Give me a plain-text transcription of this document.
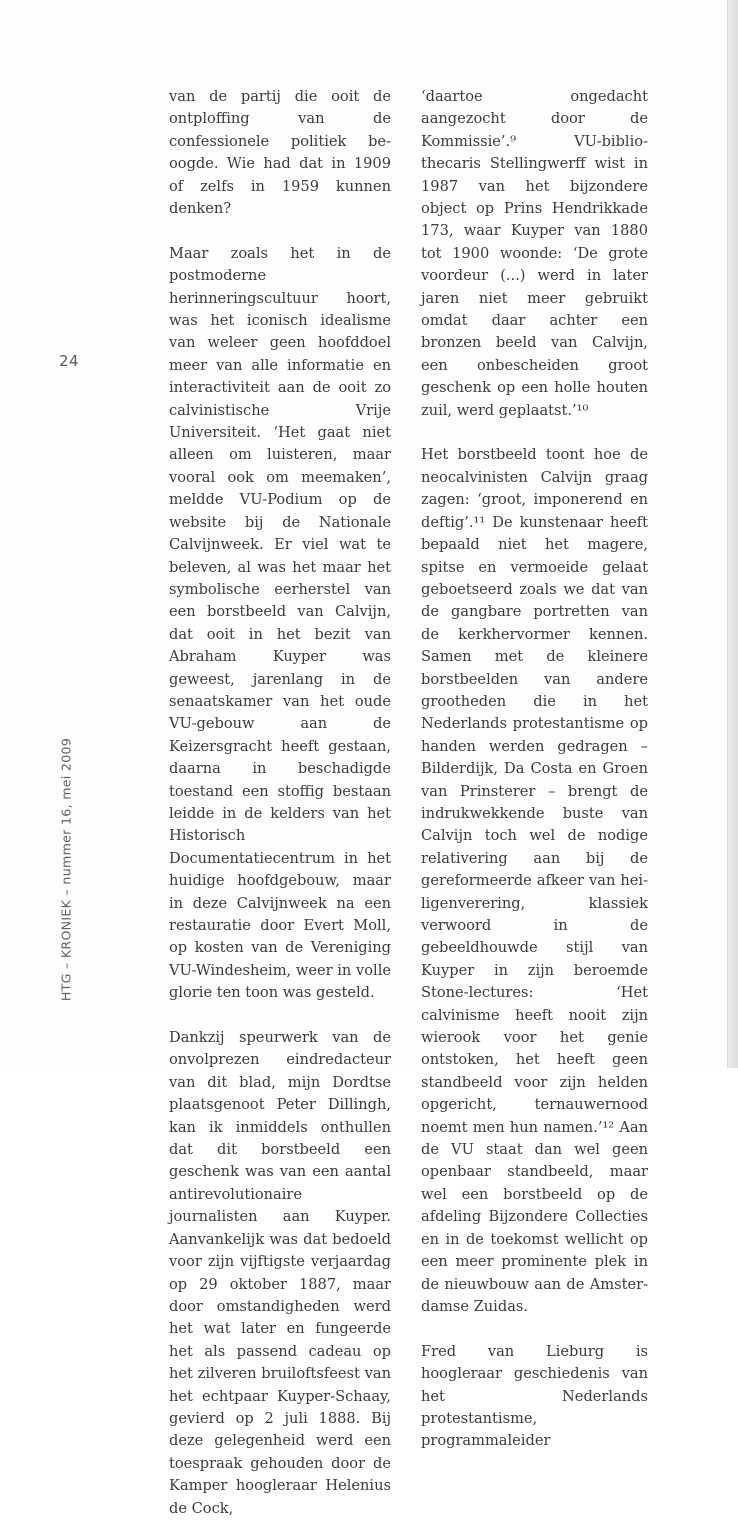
24
HTG – KRONIEK – nummer 16, mei 2009

van de partij die ooit de ontploffing van de confessionele politiek beoogde. Wie had dat in 1909 of zelfs in 1959 kunnen denken?

Maar zoals het in de postmoderne herinneringscultuur hoort, was het iconisch idealisme van weleer geen hoofddoel meer van alle informatie en interactiviteit aan de ooit zo calvinistische Vrije Universiteit. ‘Het gaat niet alleen om luisteren, maar vooral ook om meemaken’, meldde VU-Podium op de website bij de Nationale Calvijnweek. Er viel wat te beleven, al was het maar het symbolische eerherstel van een borstbeeld van Calvijn, dat ooit in het bezit van Abraham Kuyper was geweest, jarenlang in de senaatskamer van het oude VU-gebouw aan de Keizersgracht heeft gestaan, daarna in beschadigde toestand een stoffig bestaan leidde in de kelders van het Historisch Documentatiecentrum in het huidige hoofdgebouw, maar in deze Calvijnweek na een restauratie door Evert Moll, op kosten van de Vereniging VU-Windesheim, weer in volle glorie ten toon was gesteld.

Dankzij speurwerk van de onvolprezen eindredacteur van dit blad, mijn Dordtse plaatsgenoot Peter Dillingh, kan ik inmiddels onthullen dat dit borstbeeld een geschenk was van een aantal antirevolutionaire journalisten aan Kuyper. Aanvankelijk was dat bedoeld voor zijn vijftigste verjaardag op 29 oktober 1887, maar door omstandigheden werd het wat later en fungeerde het als passend cadeau op het zilveren bruiloftsfeest van het echtpaar Kuyper-Schaay, gevierd op 2 juli 1888. Bij deze gelegenheid werd een toespraak gehouden door de Kamper hoogleraar Helenius de Cock,

‘daartoe ongedacht aangezocht door de Kommissie’.⁹ VU-bibliothecaris Stellingwerff wist in 1987 van het bijzondere object op Prins Hendrikkade 173, waar Kuyper van 1880 tot 1900 woonde: ‘De grote voordeur (...) werd in later jaren niet meer gebruikt omdat daar achter een bronzen beeld van Calvijn, een onbescheiden groot geschenk op een holle houten zuil, werd geplaatst.’¹⁰

Het borstbeeld toont hoe de neocalvinisten Calvijn graag zagen: ‘groot, imponerend en deftig’.¹¹ De kunstenaar heeft bepaald niet het magere, spitse en vermoeide gelaat geboetseerd zoals we dat van de gangbare portretten van de kerkhervormer kennen. Samen met de kleinere borstbeelden van andere grootheden die in het Nederlands protestantisme op handen werden gedragen – Bilderdijk, Da Costa en Groen van Prinsterer – brengt de indrukwekkende buste van Calvijn toch wel de nodige relativering aan bij de gereformeerde afkeer van heiligenverering, klassiek verwoord in de gebeeldhouwde stijl van Kuyper in zijn beroemde Stone-lectures: ‘Het calvinisme heeft nooit zijn wierook voor het genie ontstoken, het heeft geen standbeeld voor zijn helden opgericht, ternauwernood noemt men hun namen.’¹² Aan de VU staat dan wel geen openbaar standbeeld, maar wel een borstbeeld op de afdeling Bijzondere Collecties en in de toekomst wellicht op een meer prominente plek in de nieuwbouw aan de Amsterdamse Zuidas.

Fred van Lieburg is hoogleraar geschiedenis van het Nederlands protestantisme, programmaleider
